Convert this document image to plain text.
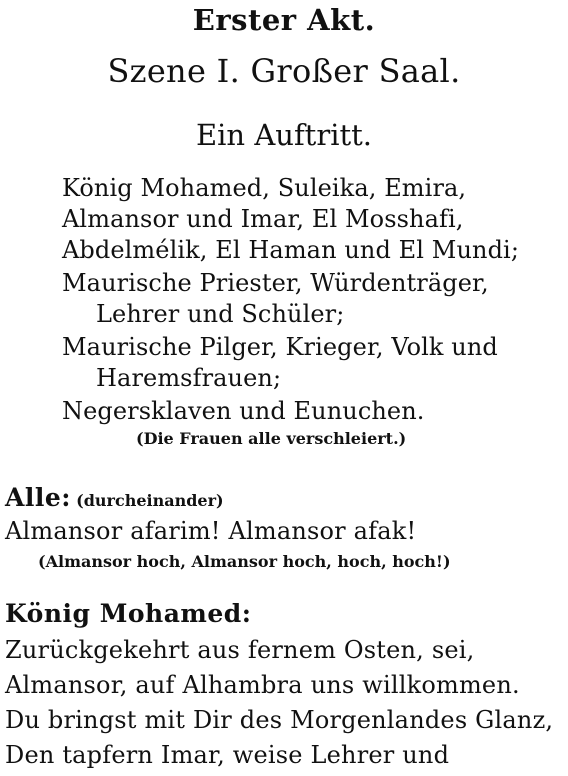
Erster Akt.
Szene I. Großer Saal.
Ein Auftritt.
König Mohamed, Suleika, Emira,
Almansor und Imar, El Mosshafi,
Abdelmélik, El Haman und El Mundi;
Maurische Priester, Würdenträger,
Lehrer und Schüler;
Maurische Pilger, Krieger, Volk und
Haremsfrauen;
Negersklaven und Eunuchen.
(Die Frauen alle verschleiert.)
Alle: (durcheinander)
Almansor afarim! Almansor afak!
(Almansor hoch, Almansor hoch, hoch, hoch!)
König Mohamed:
Zurückgekehrt aus fernem Osten, sei,
Almansor, auf Alhambra uns willkommen.
Du bringst mit Dir des Morgenlandes Glanz,
Den tapfern Imar, weise Lehrer und
